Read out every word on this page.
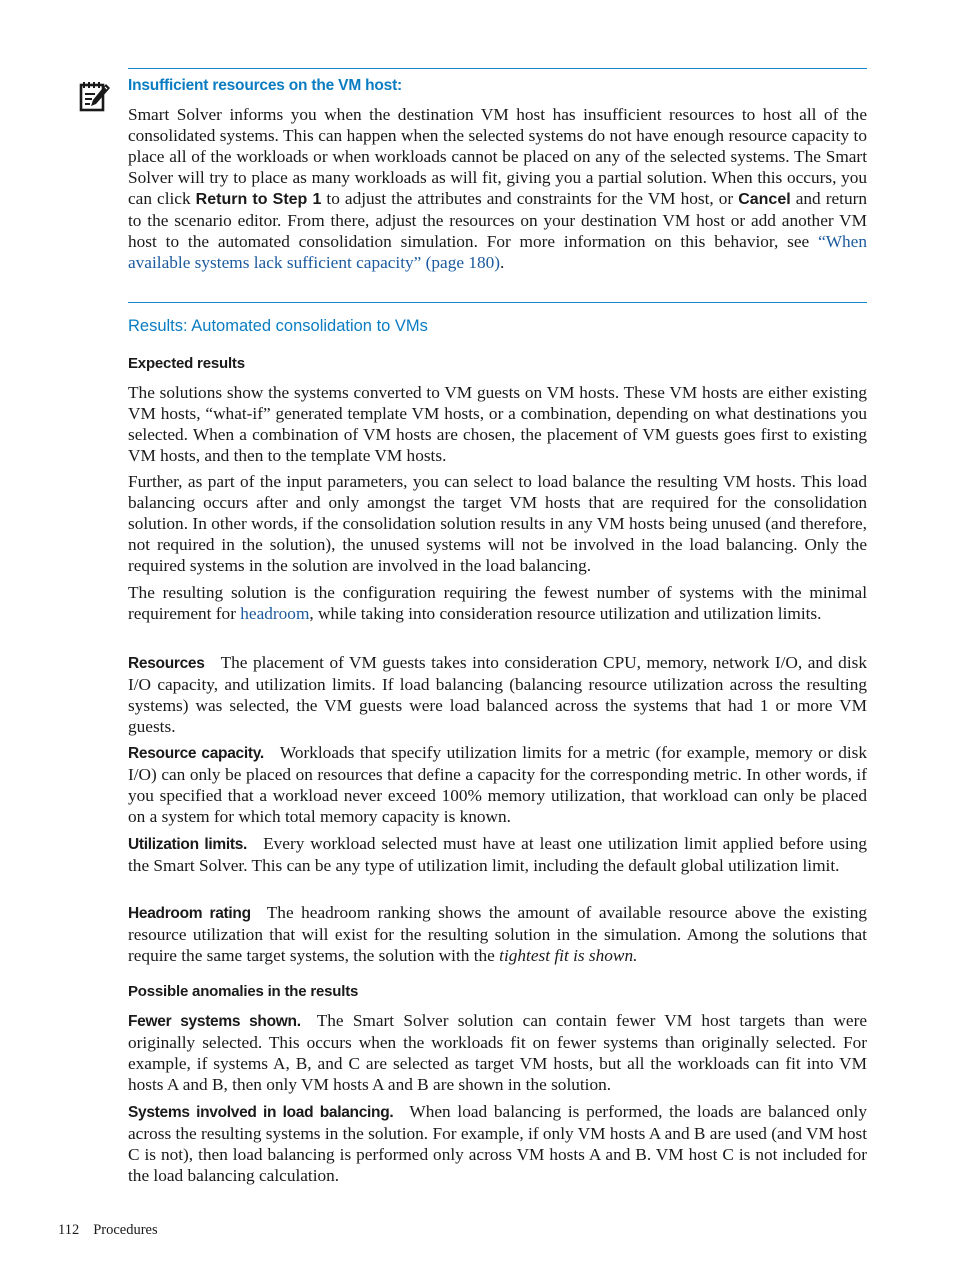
Insufficient resources on the VM host:
Smart Solver informs you when the destination VM host has insufficient resources to host all of the consolidated systems. This can happen when the selected systems do not have enough resource capacity to place all of the workloads or when workloads cannot be placed on any of the selected systems. The Smart Solver will try to place as many workloads as will fit, giving you a partial solution. When this occurs, you can click Return to Step 1 to adjust the attributes and constraints for the VM host, or Cancel and return to the scenario editor. From there, adjust the resources on your destination VM host or add another VM host to the automated consolidation simulation. For more information on this behavior, see “When available systems lack sufficient capacity” (page 180).
Results: Automated consolidation to VMs
Expected results
The solutions show the systems converted to VM guests on VM hosts. These VM hosts are either existing VM hosts, “what-if” generated template VM hosts, or a combination, depending on what destinations you selected. When a combination of VM hosts are chosen, the placement of VM guests goes first to existing VM hosts, and then to the template VM hosts.
Further, as part of the input parameters, you can select to load balance the resulting VM hosts. This load balancing occurs after and only amongst the target VM hosts that are required for the consolidation solution. In other words, if the consolidation solution results in any VM hosts being unused (and therefore, not required in the solution), the unused systems will not be involved in the load balancing. Only the required systems in the solution are involved in the load balancing.
The resulting solution is the configuration requiring the fewest number of systems with the minimal requirement for headroom, while taking into consideration resource utilization and utilization limits.
Resources The placement of VM guests takes into consideration CPU, memory, network I/O, and disk I/O capacity, and utilization limits. If load balancing (balancing resource utilization across the resulting systems) was selected, the VM guests were load balanced across the systems that had 1 or more VM guests.
Resource capacity. Workloads that specify utilization limits for a metric (for example, memory or disk I/O) can only be placed on resources that define a capacity for the corresponding metric. In other words, if you specified that a workload never exceed 100% memory utilization, that workload can only be placed on a system for which total memory capacity is known.
Utilization limits. Every workload selected must have at least one utilization limit applied before using the Smart Solver. This can be any type of utilization limit, including the default global utilization limit.
Headroom rating The headroom ranking shows the amount of available resource above the existing resource utilization that will exist for the resulting solution in the simulation. Among the solutions that require the same target systems, the solution with the tightest fit is shown.
Possible anomalies in the results
Fewer systems shown. The Smart Solver solution can contain fewer VM host targets than were originally selected. This occurs when the workloads fit on fewer systems than originally selected. For example, if systems A, B, and C are selected as target VM hosts, but all the workloads can fit into VM hosts A and B, then only VM hosts A and B are shown in the solution.
Systems involved in load balancing. When load balancing is performed, the loads are balanced only across the resulting systems in the solution. For example, if only VM hosts A and B are used (and VM host C is not), then load balancing is performed only across VM hosts A and B. VM host C is not included for the load balancing calculation.
112 Procedures
